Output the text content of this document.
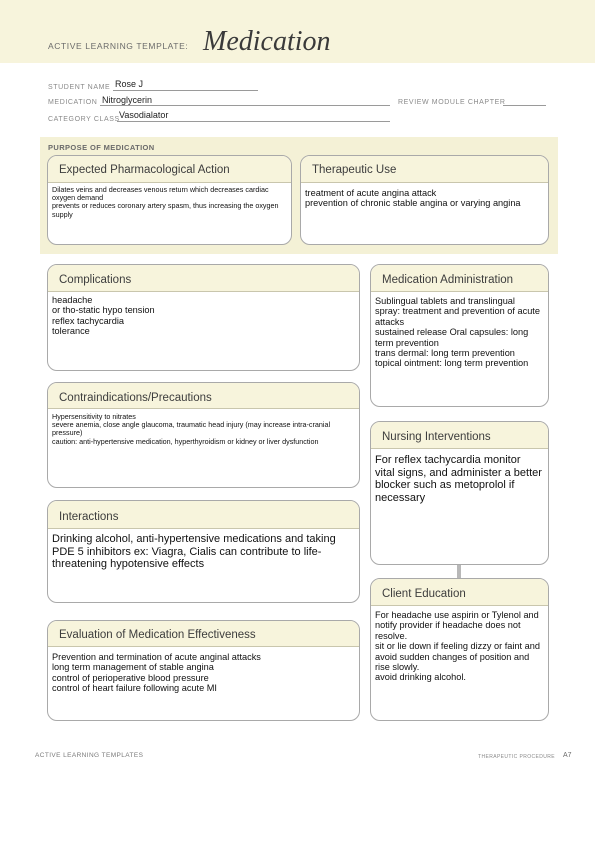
ACTIVE LEARNING TEMPLATE: Medication
STUDENT NAME Rose J
MEDICATION Nitroglycerin	REVIEW MODULE CHAPTER
CATEGORY CLASS Vasodialator
PURPOSE OF MEDICATION
Expected Pharmacological Action
Dilates veins and decreases venous return which decreases cardiac oxygen demand
prevents or reduces coronary artery spasm, thus increasing the oxygen supply
Therapeutic Use
treatment of acute angina attack
prevention of chronic stable angina or varying angina
Complications
headache
or tho-static hypo tension
reflex tachycardia
tolerance
Contraindications/Precautions
Hypersensitivity to nitrates
severe anemia, close angle glaucoma, traumatic head injury (may increase intra-cranial pressure)
caution: anti-hypertensive medication, hyperthyroidism or kidney or liver dysfunction
Interactions
Drinking alcohol, anti-hypertensive medications and taking PDE 5 inhibitors ex: Viagra, Cialis can contribute to life-threatening hypotensive effects
Evaluation of Medication Effectiveness
Prevention and termination of acute anginal attacks
long term management of stable angina
control of perioperative blood pressure
control of heart failure following acute MI
Medication Administration
Sublingual tablets and translingual spray: treatment and prevention of acute attacks
sustained release Oral capsules: long term prevention
trans dermal: long term prevention
topical ointment: long term prevention
Nursing Interventions
For reflex tachycardia monitor vital signs, and administer a better blocker such as metoprolol if necessary
Client Education
For headache use aspirin or Tylenol and notify provider if headache does not resolve.
sit or lie down if feeling dizzy or faint and avoid sudden changes of position and rise slowly.
avoid drinking alcohol.
ACTIVE LEARNING TEMPLATES	THERAPEUTIC PROCEDURE A7
